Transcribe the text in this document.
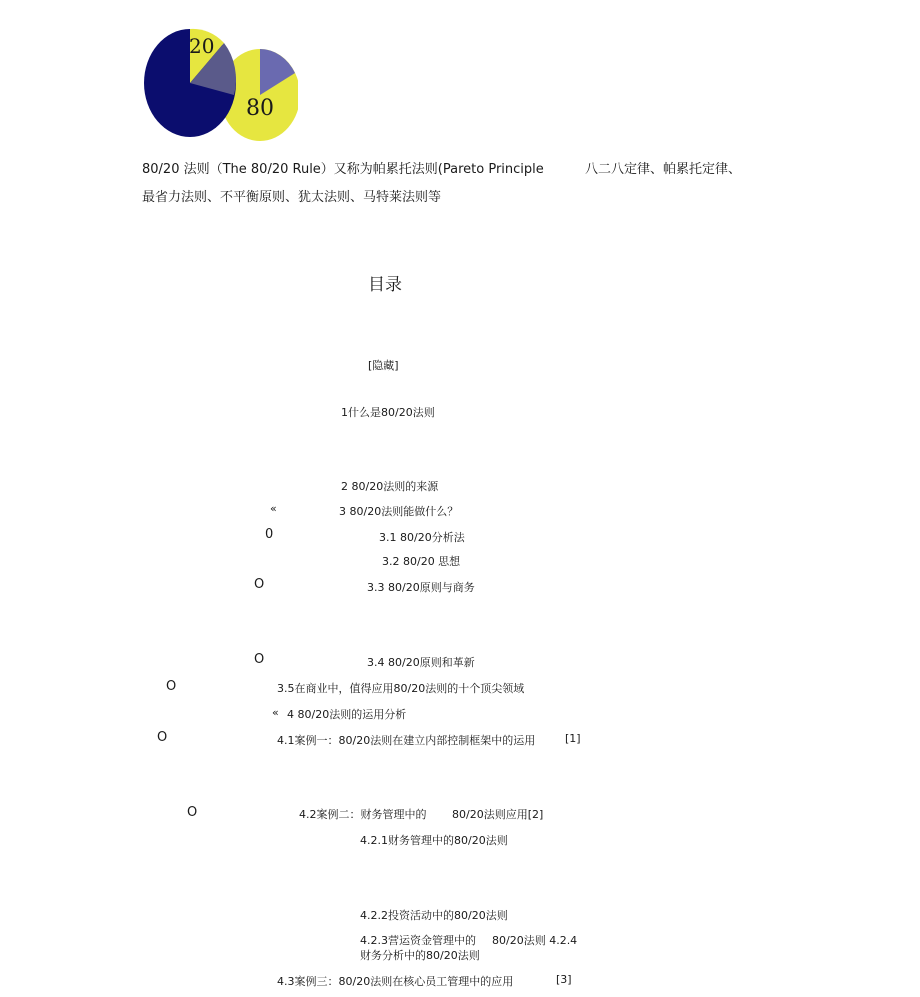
20
80
80/20 法则（The 80/20 Rule）又称为帕累托法则(Pareto Principle	八二八定律、帕累托定律、
最省力法则、不平衡原则、犹太法则、马特莱法则等
目录
[隐藏]
1什么是80/20法则
2 80/20法则的来源
«	3 80/20法则能做什么？
0	3.1 80/20分析法
3.2 80/20 思想
O	3.3 80/20原则与商务
O	3.4 80/20原则和革新
O	3.5在商业中，值得应用80/20法则的十个顶尖领域
« 4 80/20法则的运用分析
O	4.1案例一：80/20法则在建立内部控制框架中的运用	[1]
O	4.2案例二：财务管理中的 80/20法则应用[2]
4.2.1财务管理中的80/20法则
4.2.2投资活动中的80/20法则
4.2.3营运资金管理中的 80/20法则 4.2.4
财务分析中的80/20法则
4.3案例三：80/20法则在核心员工管理中的应用	[3]
